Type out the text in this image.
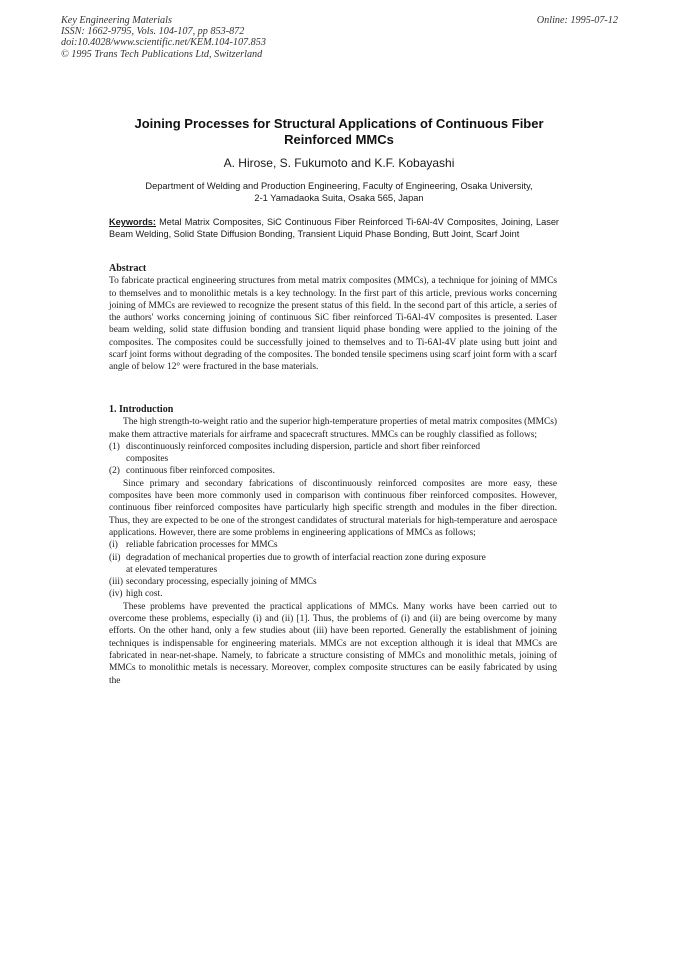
Key Engineering Materials
ISSN: 1662-9795, Vols. 104-107, pp 853-872
doi:10.4028/www.scientific.net/KEM.104-107.853
© 1995 Trans Tech Publications Ltd, Switzerland
Online: 1995-07-12
Joining Processes for Structural Applications of Continuous Fiber
Reinforced MMCs
A. Hirose, S. Fukumoto and K.F. Kobayashi
Department of Welding and Production Engineering, Faculty of Engineering, Osaka University,
2-1 Yamadaoka Suita, Osaka 565, Japan
Keywords: Metal Matrix Composites, SiC Continuous Fiber Reinforced Ti-6Al-4V Composites, Joining, Laser Beam Welding, Solid State Diffusion Bonding, Transient Liquid Phase Bonding, Butt Joint, Scarf Joint
Abstract

To fabricate practical engineering structures from metal matrix composites (MMCs), a technique for joining of MMCs to themselves and to monolithic metals is a key technology. In the first part of this article, previous works concerning joining of MMCs are reviewed to recognize the present status of this field. In the second part of this article, a series of the authors' works concerning joining of continuous SiC fiber reinforced Ti-6Al-4V composites is presented. Laser beam welding, solid state diffusion bonding and transient liquid phase bonding were applied to the joining of the composites. The composites could be successfully joined to themselves and to Ti-6Al-4V plate using butt joint and scarf joint forms without degrading of the composites. The bonded tensile specimens using scarf joint form with a scarf angle of below 12° were fractured in the base materials.

1. Introduction

The high strength-to-weight ratio and the superior high-temperature properties of metal matrix composites (MMCs) make them attractive materials for airframe and spacecraft structures. MMCs can be roughly classified as follows;

(1) discontinuously reinforced composites including dispersion, particle and short fiber reinforced
composites
(2) continuous fiber reinforced composites.

Since primary and secondary fabrications of discontinuously reinforced composites are more easy, these composites have been more commonly used in comparison with continuous fiber reinforced composites. However, continuous fiber reinforced composites have particularly high specific strength and modules in the fiber direction. Thus, they are expected to be one of the strongest candidates of structural materials for high-temperature and aerospace applications. However, there are some problems in engineering applications of MMCs as follows;

(i) reliable fabrication processes for MMCs
(ii) degradation of mechanical properties due to growth of interfacial reaction zone during exposure
at elevated temperatures
(iii) secondary processing, especially joining of MMCs
(iv) high cost.

These problems have prevented the practical applications of MMCs. Many works have been carried out to overcome these problems, especially (i) and (ii) [1]. Thus, the problems of (i) and (ii) are being overcome by many efforts. On the other hand, only a few studies about (iii) have been reported. Generally the establishment of joining techniques is indispensable for engineering materials. MMCs are not exception although it is ideal that MMCs are fabricated in near-net-shape. Namely, to fabricate a structure consisting of MMCs and monolithic metals, joining of MMCs to monolithic metals is necessary. Moreover, complex composite structures can be easily fabricated by using the
